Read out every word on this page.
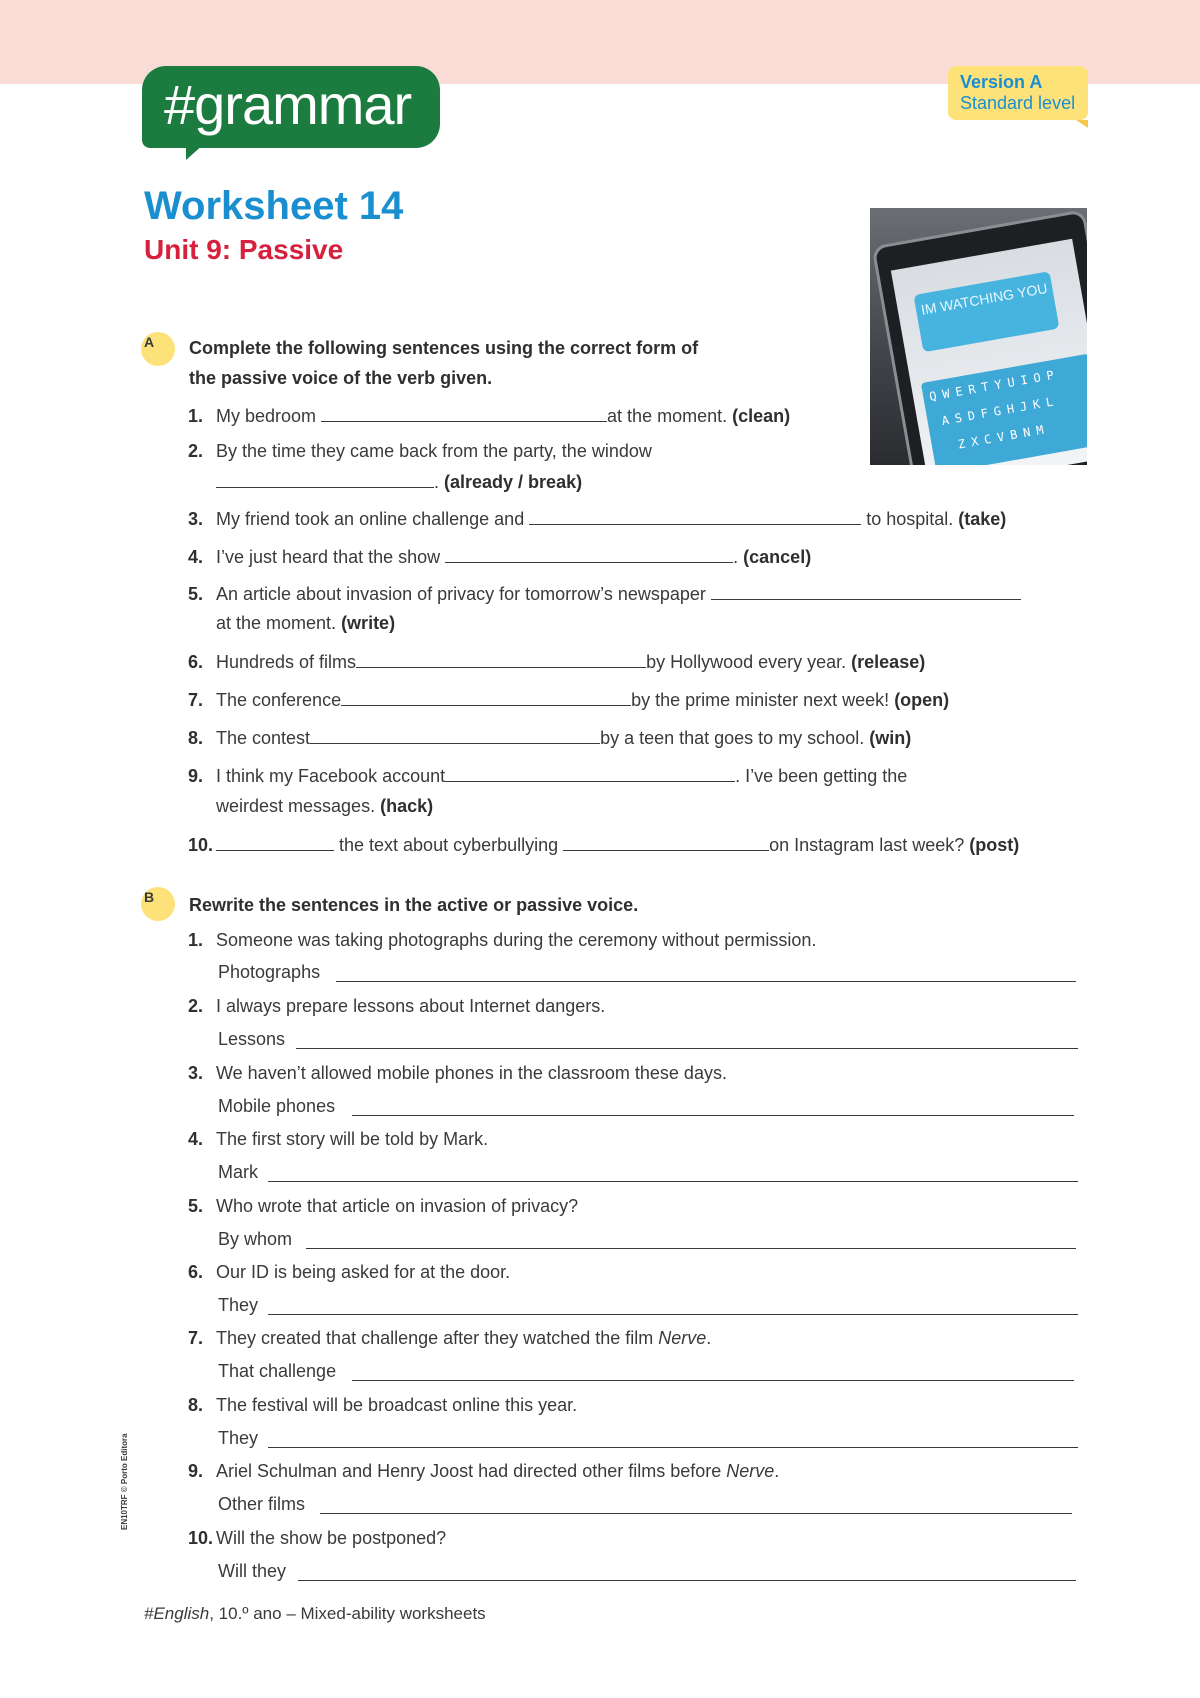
#grammar	Version A
Standard level
Worksheet 14
Unit 9: Passive
IM WATCHING YOU
QWERTYUIOP
ASDFGHJKL
ZXCVBNM
A Complete the following sentences using the correct form of
the passive voice of the verb given.
1. My bedroom	at the moment. (clean)
2. By the time they came back from the party, the window
. (already / break)
3. My friend took an online challenge and	to hospital. (take)
4. I’ve just heard that the show	. (cancel)
5. An article about invasion of privacy for tomorrow’s newspaper
at the moment. (write)
6. Hundreds of films	by Hollywood every year. (release)
7. The conference	by the prime minister next week! (open)
8. The contest	by a teen that goes to my school. (win)
9. I think my Facebook account	. I’ve been getting the
weirdest messages. (hack)
10.	the text about cyberbullying	on Instagram last week? (post)
B Rewrite the sentences in the active or passive voice.
1. Someone was taking photographs during the ceremony without permission.
Photographs
2. I always prepare lessons about Internet dangers.
Lessons
3. We haven’t allowed mobile phones in the classroom these days.
Mobile phones
4. The first story will be told by Mark.
Mark
5. Who wrote that article on invasion of privacy?
By whom
6. Our ID is being asked for at the door.
They
7. They created that challenge after they watched the film Nerve.
That challenge
8. The festival will be broadcast online this year.
They
9. Ariel Schulman and Henry Joost had directed other films before Nerve.
Other films
10. Will the show be postponed?
Will they
EN10TRF © Porto Editora
#English, 10.º ano – Mixed-ability worksheets
